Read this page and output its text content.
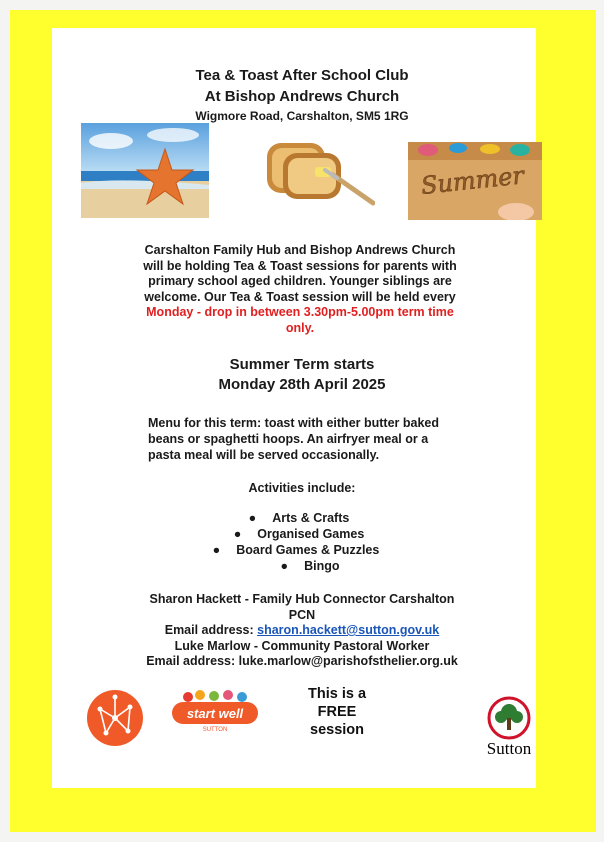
Tea & Toast After School Club
At Bishop Andrews Church
Wigmore Road, Carshalton, SM5 1RG
Summer
Carshalton Family Hub and Bishop Andrews Church
will be holding Tea & Toast sessions for parents with
primary school aged children. Younger siblings are
welcome. Our Tea & Toast session will be held every
Monday - drop in between 3.30pm-5.00pm term time
only.
Summer Term starts
Monday 28th April 2025
Menu for this term: toast with either butter baked
beans or spaghetti hoops. An airfryer meal or a
pasta meal will be served occasionally.
Activities include:
● Arts & Crafts
● Organised Games
● Board Games & Puzzles
● Bingo
Sharon Hackett - Family Hub Connector Carshalton
PCN
Email address: sharon.hackett@sutton.gov.uk
Luke Marlow - Community Pastoral Worker
Email address: luke.marlow@parishofsthelier.org.uk
start well
SUTTON
This is a
FREE
session
Sutton
